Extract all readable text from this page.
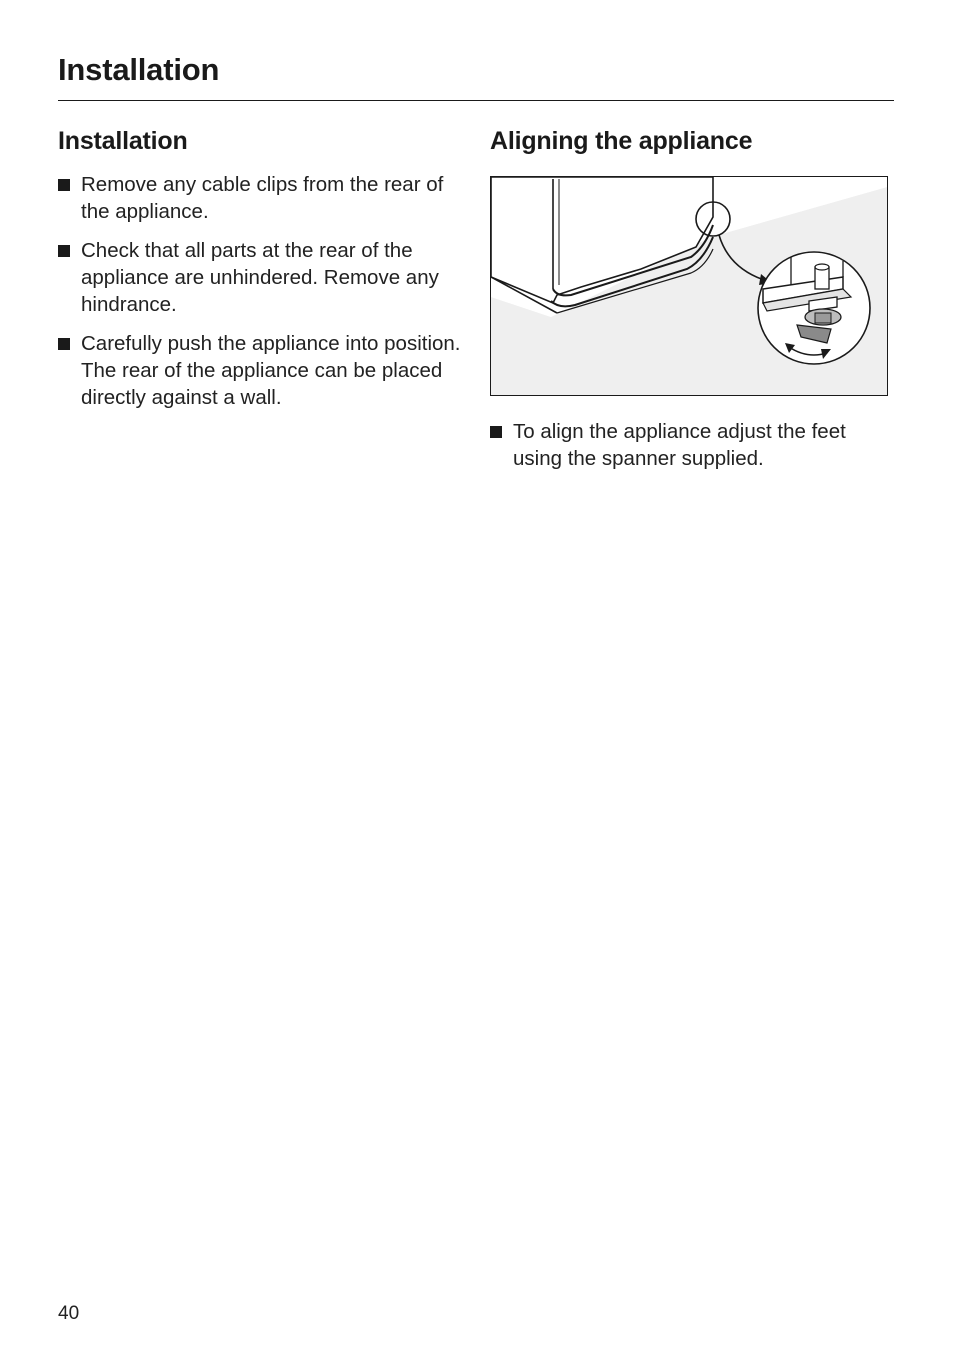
Installation
Installation
Remove any cable clips from the rear of the appliance.
Check that all parts at the rear of the appliance are unhindered. Remove any hindrance.
Carefully push the appliance into position. The rear of the appliance can be placed directly against a wall.
Aligning the appliance
To align the appliance adjust the feet using the spanner supplied.
40
